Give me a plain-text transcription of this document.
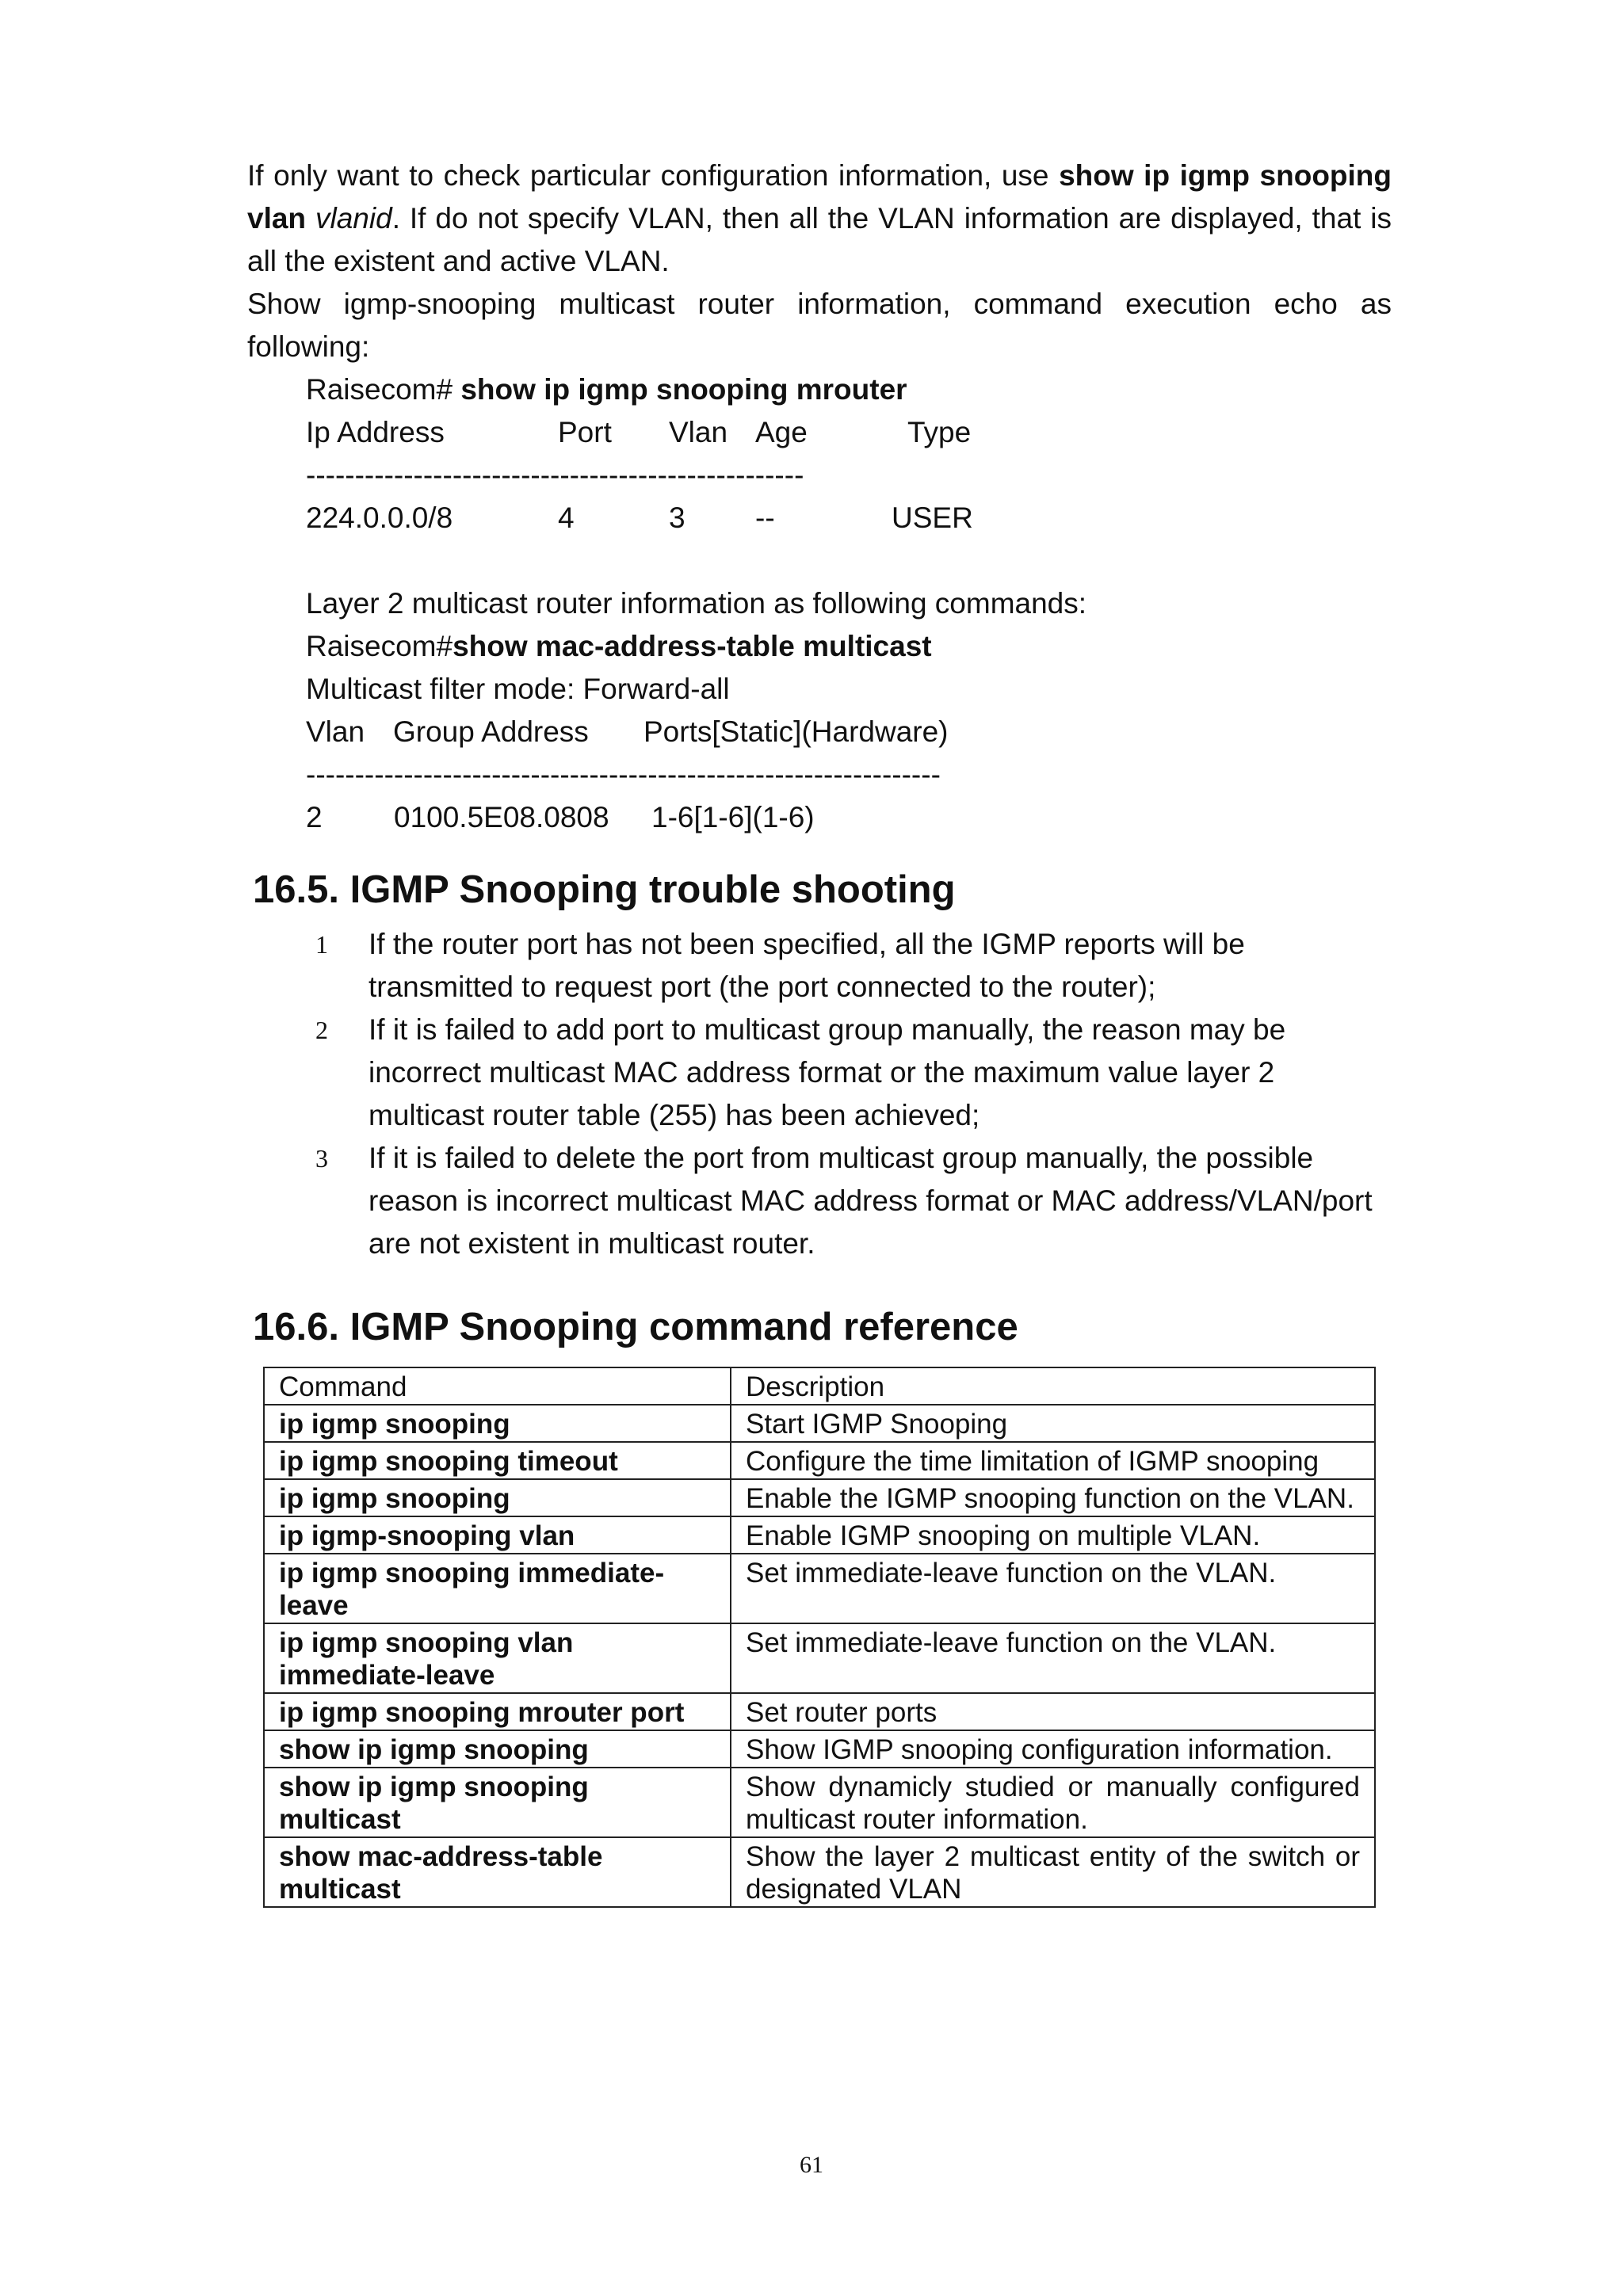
If only want to check particular configuration information, use show ip igmp snooping vlan vlanid. If do not specify VLAN, then all the VLAN information are displayed, that is all the existent and active VLAN.

Show igmp-snooping multicast router information, command execution echo as following:

Raisecom# show ip igmp snooping mrouter
Ip Address	Port	Vlan Age	Type
---------------------------------------------------
224.0.0.0/8	4	3	--	USER

Layer 2 multicast router information as following commands:
Raisecom#show mac-address-table multicast
Multicast filter mode: Forward-all
Vlan Group Address	Ports[Static](Hardware)
-----------------------------------------------------------------
2	0100.5E08.0808	1-6[1-6](1-6)
16.5. IGMP Snooping trouble shooting
1	If the router port has not been specified, all the IGMP reports will be transmitted to request port (the port connected to the router);
2	If it is failed to add port to multicast group manually, the reason may be incorrect multicast MAC address format or the maximum value layer 2 multicast router table (255) has been achieved;
3	If it is failed to delete the port from multicast group manually, the possible reason is incorrect multicast MAC address format or MAC address/VLAN/port are not existent in multicast router.
16.6. IGMP Snooping command reference
Command	Description
ip igmp snooping	Start IGMP Snooping
ip igmp snooping timeout	Configure the time limitation of IGMP snooping
ip igmp snooping	Enable the IGMP snooping function on the VLAN.
ip igmp-snooping vlan	Enable IGMP snooping on multiple VLAN.
ip igmp snooping immediate-leave	Set immediate-leave function on the VLAN.
ip igmp snooping vlan immediate-leave	Set immediate-leave function on the VLAN.
ip igmp snooping mrouter port	Set router ports
show ip igmp snooping	Show IGMP snooping configuration information.
show ip igmp snooping multicast	Show dynamicly studied or manually configured multicast router information.
show mac-address-table multicast	Show the layer 2 multicast entity of the switch or designated VLAN
61
